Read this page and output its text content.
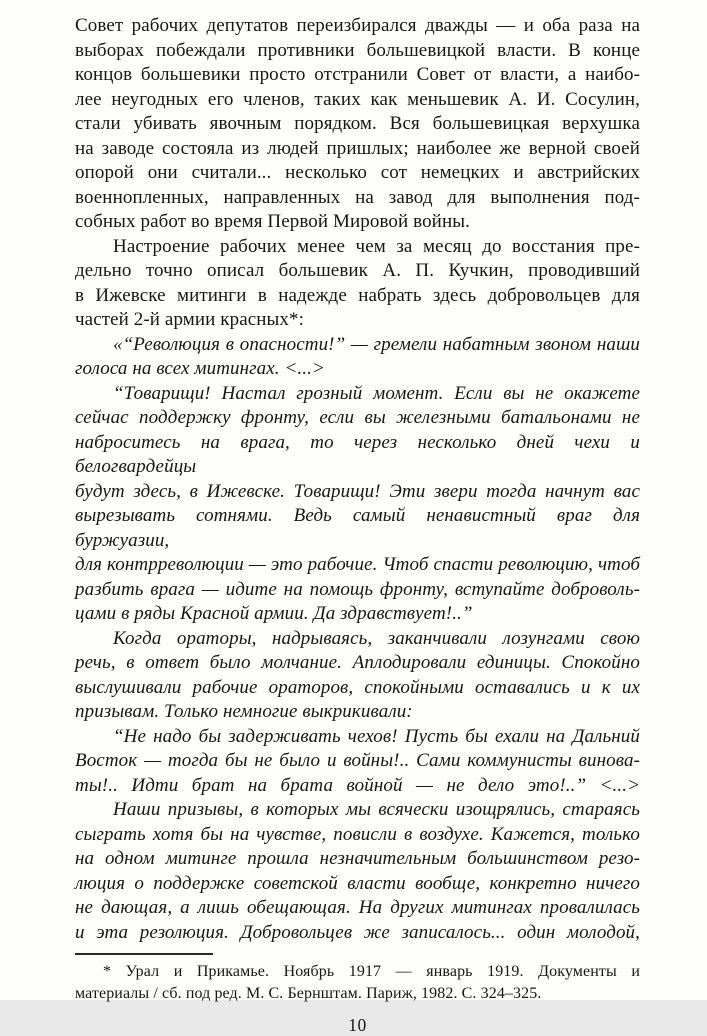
Совет рабочих депутатов переизбирался дважды — и оба раза на
выборах побеждали противники большевицкой власти. В конце
концов большевики просто отстранили Совет от власти, а наибо-
лее неугодных его членов, таких как меньшевик А. И. Сосулин,
стали убивать явочным порядком. Вся большевицкая верхушка
на заводе состояла из людей пришлых; наиболее же верной своей
опорой они считали... несколько сот немецких и австрийских
военнопленных, направленных на завод для выполнения под-
собных работ во время Первой Мировой войны.
Настроение рабочих менее чем за месяц до восстания пре-
дельно точно описал большевик А. П. Кучкин, проводивший
в Ижевске митинги в надежде набрать здесь добровольцев для
частей 2-й армии красных*:
«“Революция в опасности!” — гремели набатным звоном наши
голоса на всех митингах. <...>
“Товарищи! Настал грозный момент. Если вы не окажете
сейчас поддержку фронту, если вы железными батальонами не
наброситесь на врага, то через несколько дней чехи и белогвардейцы
будут здесь, в Ижевске. Товарищи! Эти звери тогда начнут вас
вырезывать сотнями. Ведь самый ненавистный враг для буржуазии,
для контрреволюции — это рабочие. Чтоб спасти революцию, чтоб
разбить врага — идите на помощь фронту, вступайте доброволь-
цами в ряды Красной армии. Да здравствует!..”
Когда ораторы, надрываясь, заканчивали лозунгами свою
речь, в ответ было молчание. Аплодировали единицы. Спокойно
выслушивали рабочие ораторов, спокойными оставались и к их
призывам. Только немногие выкрикивали:
“Не надо бы задерживать чехов! Пусть бы ехали на Дальний
Восток — тогда бы не было и войны!.. Сами коммунисты винова-
ты!.. Идти брат на брата войной — не дело это!..” <...>
Наши призывы, в которых мы всячески изощрялись, стараясь
сыграть хотя бы на чувстве, повисли в воздухе. Кажется, только
на одном митинге прошла незначительным большинством резо-
люция о поддержке советской власти вообще, конкретно ничего
не дающая, а лишь обещающая. На других митингах провалилась
и эта резолюция. Добровольцев же записалось... один молодой,
* Урал и Прикамье. Ноябрь 1917 — январь 1919. Документы и
материалы / сб. под ред. М. С. Бернштам. Париж, 1982. С. 324–325.
10
